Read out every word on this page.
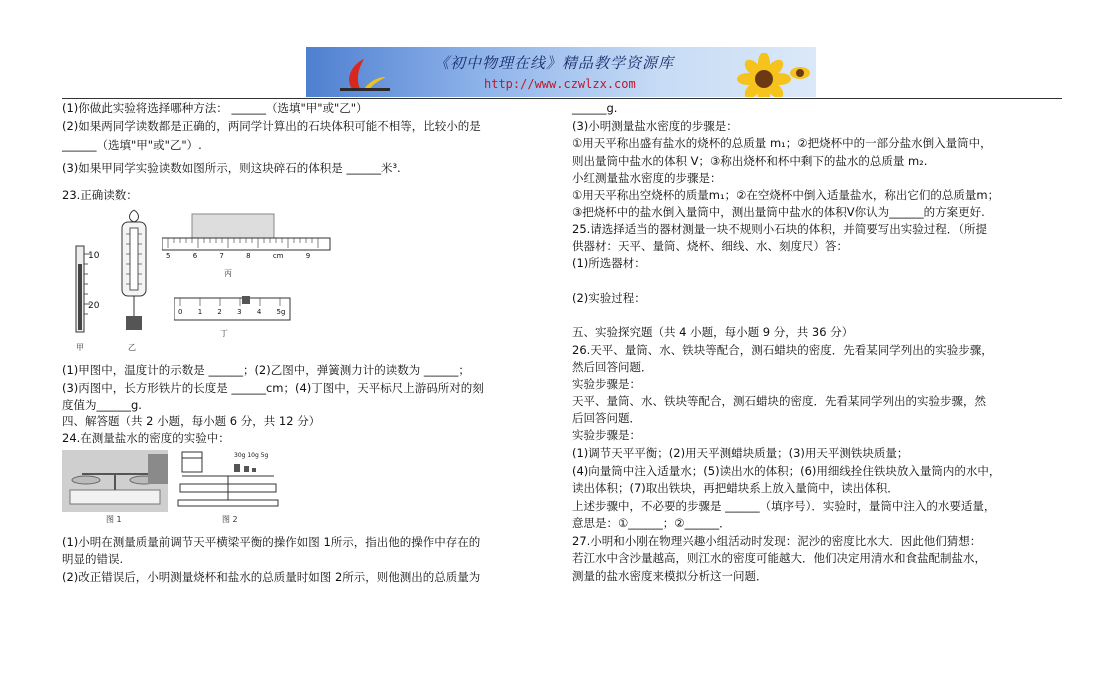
《初中物理在线》精品教学资源库
http://www.czwlzx.com
(1)你做此实验将选择哪种方法： ______（选填"甲"或"乙"）
(2)如果两同学读数都是正确的，两同学计算出的石块体积可能不相等，比较小的是
______（选填"甲"或"乙"）.
(3)如果甲同学实验读数如图所示，则这块碎石的体积是 ______米³.
23.正确读数：
10
20
甲	乙
5	6	7	8	cm 9
丙
0 1 2 3 4 5g
丁
(1)甲图中，温度计的示数是 ______；(2)乙图中，弹簧测力计的读数为 ______；
(3)丙图中，长方形铁片的长度是 ______cm；(4)丁图中，天平标尺上游码所对的刻
度值为______g.
四、解答题（共 2 小题，每小题 6 分，共 12 分）
24.在测量盐水的密度的实验中：
图 1
30g 10g 5g
图 2
(1)小明在测量质量前调节天平横梁平衡的操作如图 1所示，指出他的操作中存在的
明显的错误.
(2)改正错误后，小明测量烧杯和盐水的总质量时如图 2所示，则他测出的总质量为
______g.
(3)小明测量盐水密度的步骤是：
①用天平称出盛有盐水的烧杯的总质量 m₁；②把烧杯中的一部分盐水倒入量筒中，
则出量筒中盐水的体积 V；③称出烧杯和杯中剩下的盐水的总质量 m₂.
小红测量盐水密度的步骤是：
①用天平称出空烧杯的质量m₁；②在空烧杯中倒入适量盐水，称出它们的总质量m；
③把烧杯中的盐水倒入量筒中，测出量筒中盐水的体积V你认为______的方案更好.
25.请选择适当的器材测量一块不规则小石块的体积，并简要写出实验过程．（所提
供器材：天平、量筒、烧杯、细线、水、刻度尺）答：
(1)所选器材：
(2)实验过程：
五、实验探究题（共 4 小题，每小题 9 分，共 36 分）
26.天平、量筒、水、铁块等配合，测石蜡块的密度．先看某同学列出的实验步骤，
然后回答问题．
实验步骤是：
天平、量筒、水、铁块等配合，测石蜡块的密度．先看某同学列出的实验步骤，然
后回答问题．
实验步骤是：
(1)调节天平平衡；(2)用天平测蜡块质量；(3)用天平测铁块质量；
(4)向量筒中注入适量水；(5)读出水的体积；(6)用细线拴住铁块放入量筒内的水中，
读出体积；(7)取出铁块，再把蜡块系上放入量筒中，读出体积．
上述步骤中，不必要的步骤是 ______（填序号）．实验时，量筒中注入的水要适量，
意思是：①______；②______．
27.小明和小刚在物理兴趣小组活动时发现：泥沙的密度比水大．因此他们猜想：
若江水中含沙量越高，则江水的密度可能越大．他们决定用清水和食盐配制盐水，
测量的盐水密度来模拟分析这一问题．
